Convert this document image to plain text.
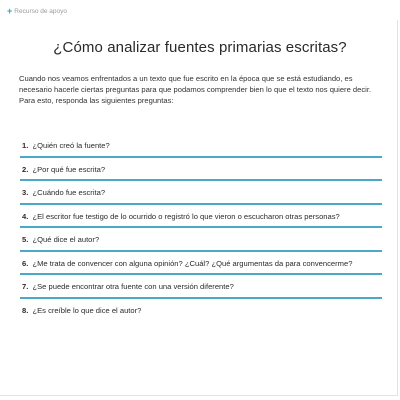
+ Recurso de apoyo
¿Cómo analizar fuentes primarias escritas?
Cuando nos veamos enfrentados a un texto que fue escrito en la época que se está estudiando, es necesario hacerle ciertas preguntas para que podamos comprender bien lo que el texto nos quiere decir. Para esto, responda las siguientes preguntas:
1. ¿Quién creó la fuente?
2. ¿Por qué fue escrita?
3. ¿Cuándo fue escrita?
4. ¿El escritor fue testigo de lo ocurrido o registró lo que vieron o escucharon otras personas?
5. ¿Qué dice el autor?
6. ¿Me trata de convencer con alguna opinión? ¿Cuál? ¿Qué argumentas da para convencerme?
7. ¿Se puede encontrar otra fuente con una versión diferente?
8. ¿Es creíble lo que dice el autor?
